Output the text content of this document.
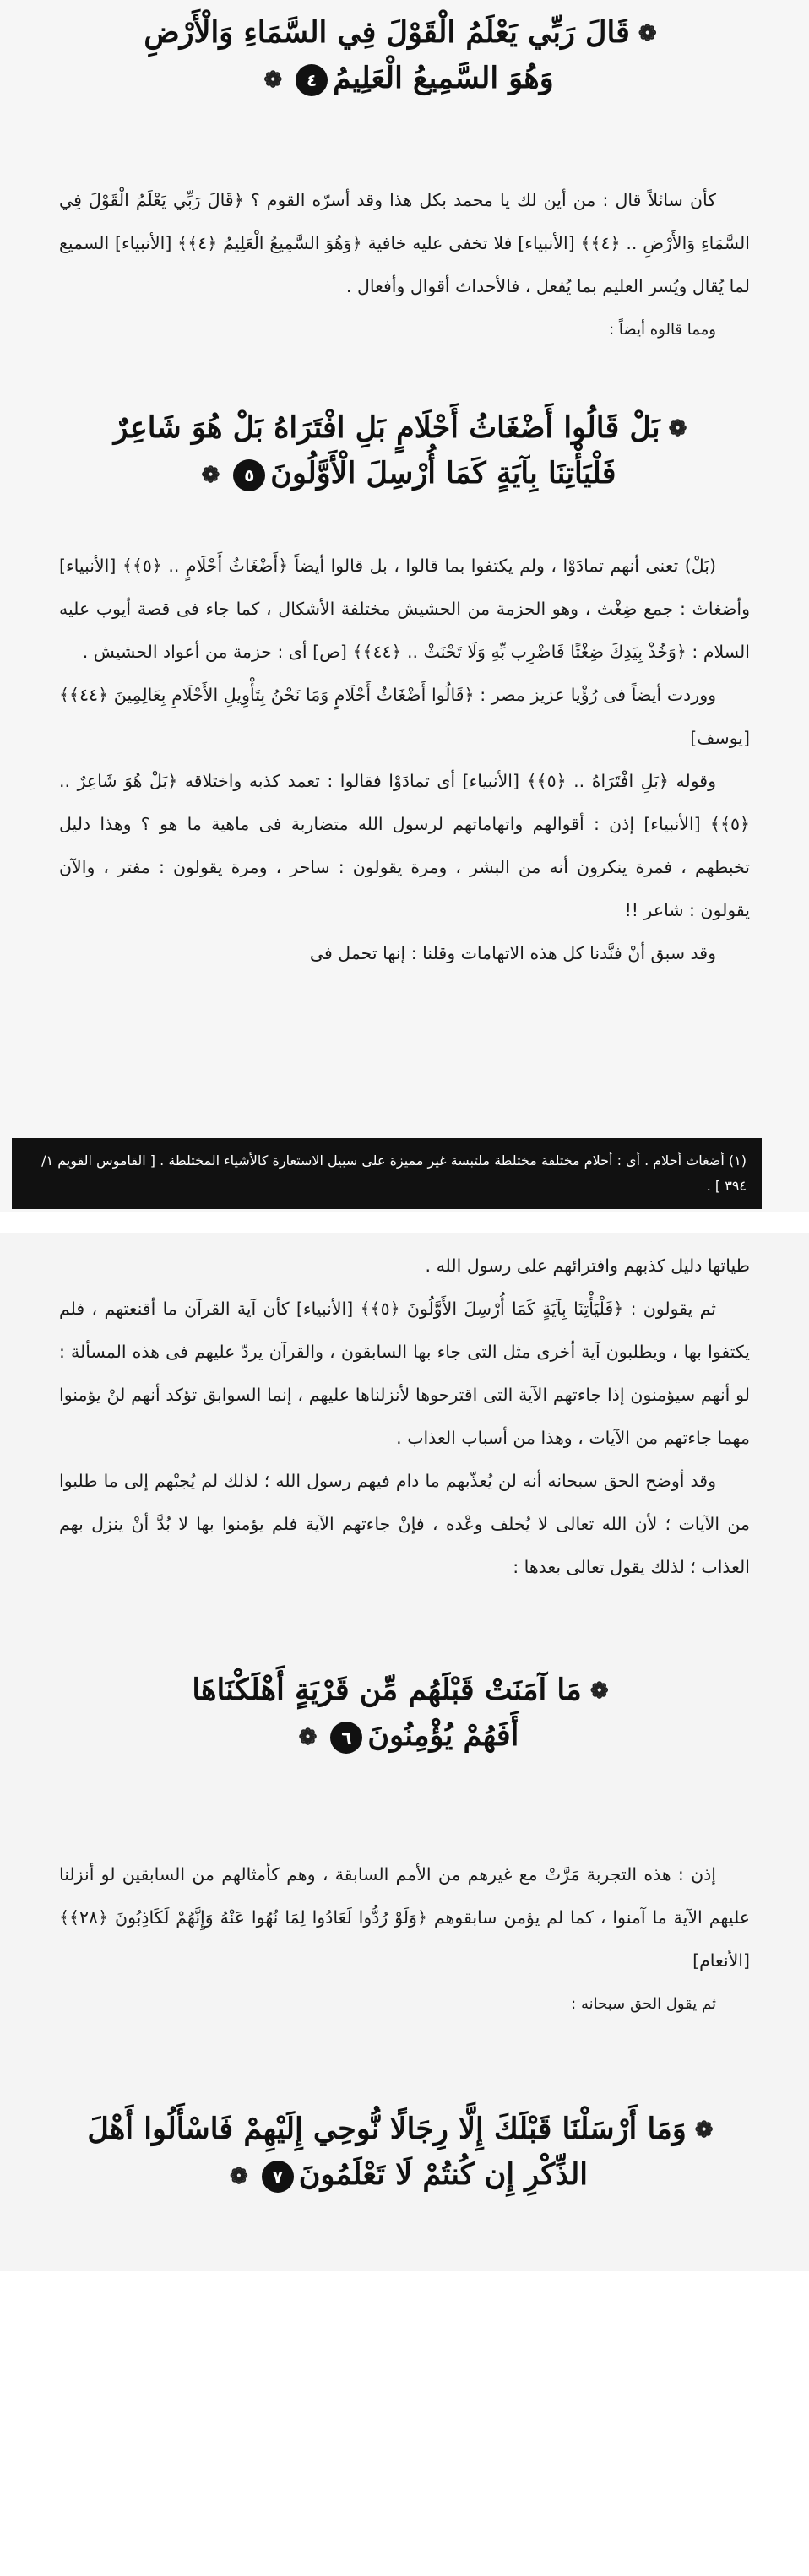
❁قَالَ رَبِّي يَعْلَمُ الْقَوْلَ فِي السَّمَاءِ وَالْأَرْضِ
وَهُوَ السَّمِيعُ الْعَلِيمُ٤❁

كأن سائلاً قال : من أين لك يا محمد بكل هذا وقد أسرّه القوم ؟ ﴿قَالَ رَبِّي يَعْلَمُ الْقَوْلَ فِي السَّمَاءِ وَالأَرْضِ .. ﴿٤﴾﴾ [الأنبياء] فلا تخفى عليه خافية ﴿وَهُوَ السَّمِيعُ الْعَلِيمُ ﴿٤﴾﴾ [الأنبياء] السميع لما يُقال ويُسر العليم بما يُفعل ، فالأحداث أقوال وأفعال .

ومما قالوه أيضاً :

❁بَلْ قَالُوا أَضْغَاثُ أَحْلَامٍ بَلِ افْتَرَاهُ بَلْ هُوَ شَاعِرٌ
فَلْيَأْتِنَا بِآيَةٍ كَمَا أُرْسِلَ الْأَوَّلُونَ٥❁

(بَلْ) تعنى أنهم تمادَوْا ، ولم يكتفوا بما قالوا ، بل قالوا أيضاً ﴿أَضْغَاثُ أَحْلَامٍ .. ﴿٥﴾﴾ [الأنبياء] وأضغاث : جمع ضِغْث ، وهو الحزمة من الحشيش مختلفة الأشكال ، كما جاء فى قصة أيوب عليه السلام : ﴿وَخُذْ بِيَدِكَ ضِغْثًا فَاضْرِب بِّهِ وَلَا تَحْنَثْ .. ﴿٤٤﴾﴾ [ص] أى : حزمة من أعواد الحشيش .

ووردت أيضاً فى رُؤْيا عزيز مصر : ﴿قَالُوا أَضْغَاثُ أَحْلَامٍ وَمَا نَحْنُ بِتَأْوِيلِ الأَحْلَامِ بِعَالِمِينَ ﴿٤٤﴾﴾ [يوسف]

وقوله ﴿بَلِ افْتَرَاهُ .. ﴿٥﴾﴾ [الأنبياء] أى تمادَوْا فقالوا : تعمد كذبه واختلاقه ﴿بَلْ هُوَ شَاعِرٌ .. ﴿٥﴾﴾ [الأنبياء] إذن : أقوالهم واتهاماتهم لرسول الله متضاربة فى ماهية ما هو ؟ وهذا دليل تخبطهم ، فمرة ينكرون أنه من البشر ، ومرة يقولون : ساحر ، ومرة يقولون : مفتر ، والآن يقولون : شاعر !!

وقد سبق أنْ فنَّدنا كل هذه الاتهامات وقلنا : إنها تحمل فى

(١) أضغاث أحلام . أى : أحلام مختلفة مختلطة ملتبسة غير مميزة على سبيل الاستعارة كالأشياء المختلطة . [ القاموس القويم ١/ ٣٩٤ ] .

طياتها دليل كذبهم وافترائهم على رسول الله .

ثم يقولون : ﴿فَلْيَأْتِنَا بِآيَةٍ كَمَا أُرْسِلَ الأَوَّلُونَ ﴿٥﴾﴾ [الأنبياء] كأن آية القرآن ما أقنعتهم ، فلم يكتفوا بها ، ويطلبون آية أخرى مثل التى جاء بها السابقون ، والقرآن يردّ عليهم فى هذه المسألة : لو أنهم سيؤمنون إذا جاءتهم الآية التى اقترحوها لأنزلناها عليهم ، إنما السوابق تؤكد أنهم لنْ يؤمنوا مهما جاءتهم من الآيات ، وهذا من أسباب العذاب .

وقد أوضح الحق سبحانه أنه لن يُعذّبهم ما دام فيهم رسول الله ؛ لذلك لم يُجبْهم إلى ما طلبوا من الآيات ؛ لأن الله تعالى لا يُخلف وعْده ، فإنْ جاءتهم الآية فلم يؤمنوا بها لا بُدَّ أنْ ينزل بهم العذاب ؛ لذلك يقول تعالى بعدها :

❁مَا آمَنَتْ قَبْلَهُم مِّن قَرْيَةٍ أَهْلَكْنَاهَا
أَفَهُمْ يُؤْمِنُونَ٦❁

إذن : هذه التجربة مَرَّتْ مع غيرهم من الأمم السابقة ، وهم كأمثالهم من السابقين لو أنزلنا عليهم الآية ما آمنوا ، كما لم يؤمن سابقوهم ﴿وَلَوْ رُدُّوا لَعَادُوا لِمَا نُهُوا عَنْهُ وَإِنَّهُمْ لَكَاذِبُونَ ﴿٢٨﴾﴾ [الأنعام]

ثم يقول الحق سبحانه :

❁وَمَا أَرْسَلْنَا قَبْلَكَ إِلَّا رِجَالًا نُّوحِي إِلَيْهِمْ فَاسْأَلُوا أَهْلَ
الذِّكْرِ إِن كُنتُمْ لَا تَعْلَمُونَ٧❁
